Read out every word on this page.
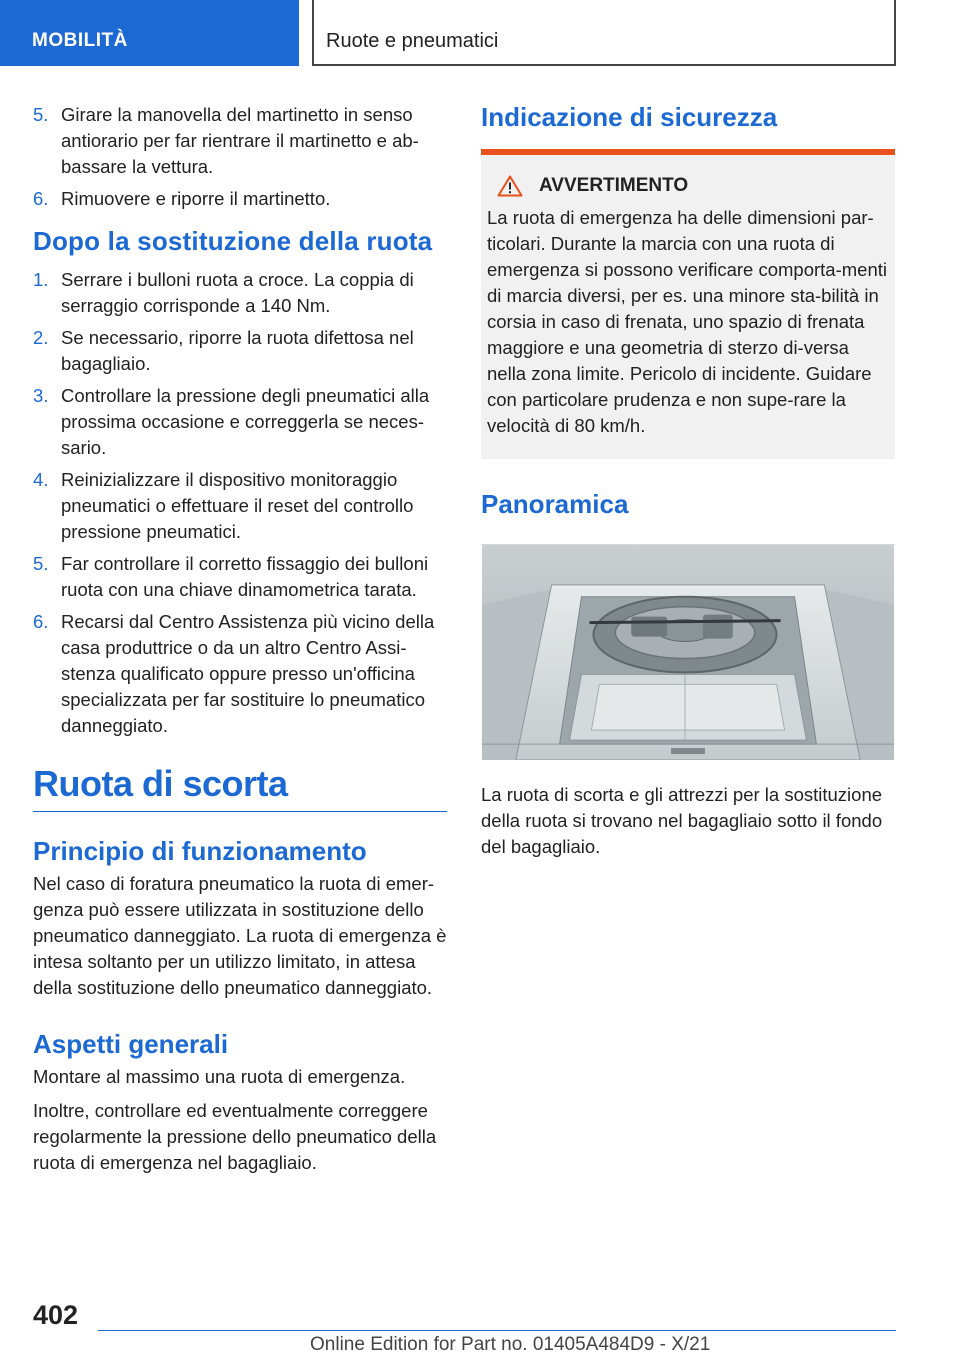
MOBILITÀ	Ruote e pneumatici
5. Girare la manovella del martinetto in senso antiorario per far rientrare il martinetto e ab-bassare la vettura.
6. Rimuovere e riporre il martinetto.
Dopo la sostituzione della ruota
1. Serrare i bulloni ruota a croce. La coppia di serraggio corrisponde a 140 Nm.
2. Se necessario, riporre la ruota difettosa nel bagagliaio.
3. Controllare la pressione degli pneumatici alla prossima occasione e correggerla se neces-sario.
4. Reinizializzare il dispositivo monitoraggio pneumatici o effettuare il reset del controllo pressione pneumatici.
5. Far controllare il corretto fissaggio dei bulloni ruota con una chiave dinamometrica tarata.
6. Recarsi dal Centro Assistenza più vicino della casa produttrice o da un altro Centro Assi-stenza qualificato oppure presso un'officina specializzata per far sostituire lo pneumatico danneggiato.
Ruota di scorta
Principio di funzionamento

Nel caso di foratura pneumatico la ruota di emer-genza può essere utilizzata in sostituzione dello pneumatico danneggiato. La ruota di emergenza è intesa soltanto per un utilizzo limitato, in attesa della sostituzione dello pneumatico danneggiato.

Aspetti generali

Montare al massimo una ruota di emergenza.

Inoltre, controllare ed eventualmente correggere regolarmente la pressione dello pneumatico della ruota di emergenza nel bagagliaio.

Indicazione di sicurezza
AVVERTIMENTO

La ruota di emergenza ha delle dimensioni par-ticolari. Durante la marcia con una ruota di emergenza si possono verificare comporta-menti di marcia diversi, per es. una minore sta-bilità in corsia in caso di frenata, uno spazio di frenata maggiore e una geometria di sterzo di-versa nella zona limite. Pericolo di incidente. Guidare con particolare prudenza e non supe-rare la velocità di 80 km/h.

Panoramica

La ruota di scorta e gli attrezzi per la sostituzione della ruota si trovano nel bagagliaio sotto il fondo del bagagliaio.

402
Online Edition for Part no. 01405A484D9 - X/21
